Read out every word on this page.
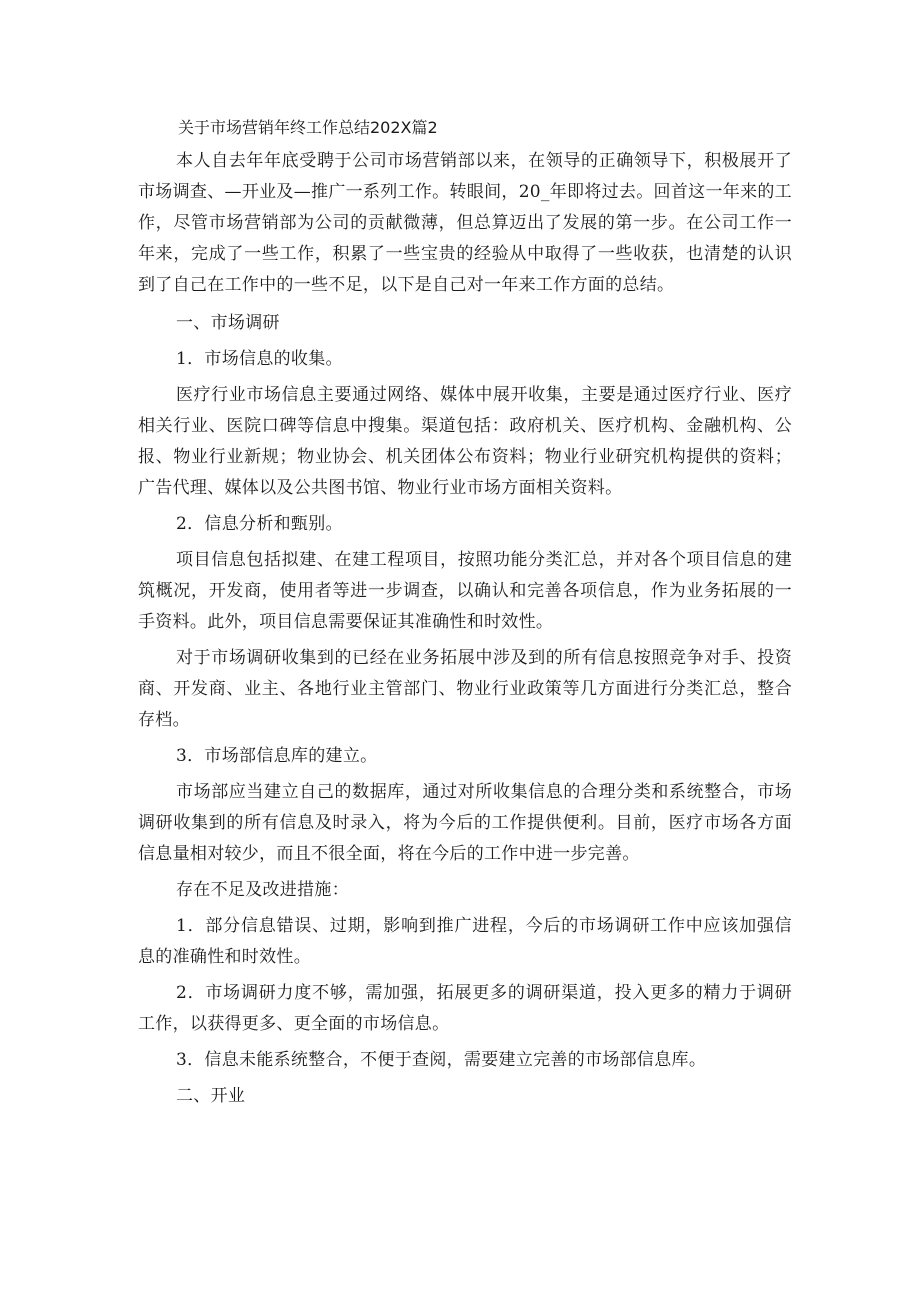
关于市场营销年终工作总结202X篇2

本人自去年年底受聘于公司市场营销部以来，在领导的正确领导下，积极展开了市场调查、—开业及—推广一系列工作。转眼间，20_年即将过去。回首这一年来的工作，尽管市场营销部为公司的贡献微薄，但总算迈出了发展的第一步。在公司工作一年来，完成了一些工作，积累了一些宝贵的经验从中取得了一些收获，也清楚的认识到了自己在工作中的一些不足，以下是自己对一年来工作方面的总结。

一、市场调研

1．市场信息的收集。

医疗行业市场信息主要通过网络、媒体中展开收集，主要是通过医疗行业、医疗相关行业、医院口碑等信息中搜集。渠道包括：政府机关、医疗机构、金融机构、公报、物业行业新规；物业协会、机关团体公布资料；物业行业研究机构提供的资料；广告代理、媒体以及公共图书馆、物业行业市场方面相关资料。

2．信息分析和甄别。

项目信息包括拟建、在建工程项目，按照功能分类汇总，并对各个项目信息的建筑概况，开发商，使用者等进一步调查，以确认和完善各项信息，作为业务拓展的一手资料。此外，项目信息需要保证其准确性和时效性。

对于市场调研收集到的已经在业务拓展中涉及到的所有信息按照竞争对手、投资商、开发商、业主、各地行业主管部门、物业行业政策等几方面进行分类汇总，整合存档。

3．市场部信息库的建立。

市场部应当建立自己的数据库，通过对所收集信息的合理分类和系统整合，市场调研收集到的所有信息及时录入，将为今后的工作提供便利。目前，医疗市场各方面信息量相对较少，而且不很全面，将在今后的工作中进一步完善。

存在不足及改进措施：

1．部分信息错误、过期，影响到推广进程，今后的市场调研工作中应该加强信息的准确性和时效性。

2．市场调研力度不够，需加强，拓展更多的调研渠道，投入更多的精力于调研工作，以获得更多、更全面的市场信息。

3．信息未能系统整合，不便于查阅，需要建立完善的市场部信息库。

二、开业
